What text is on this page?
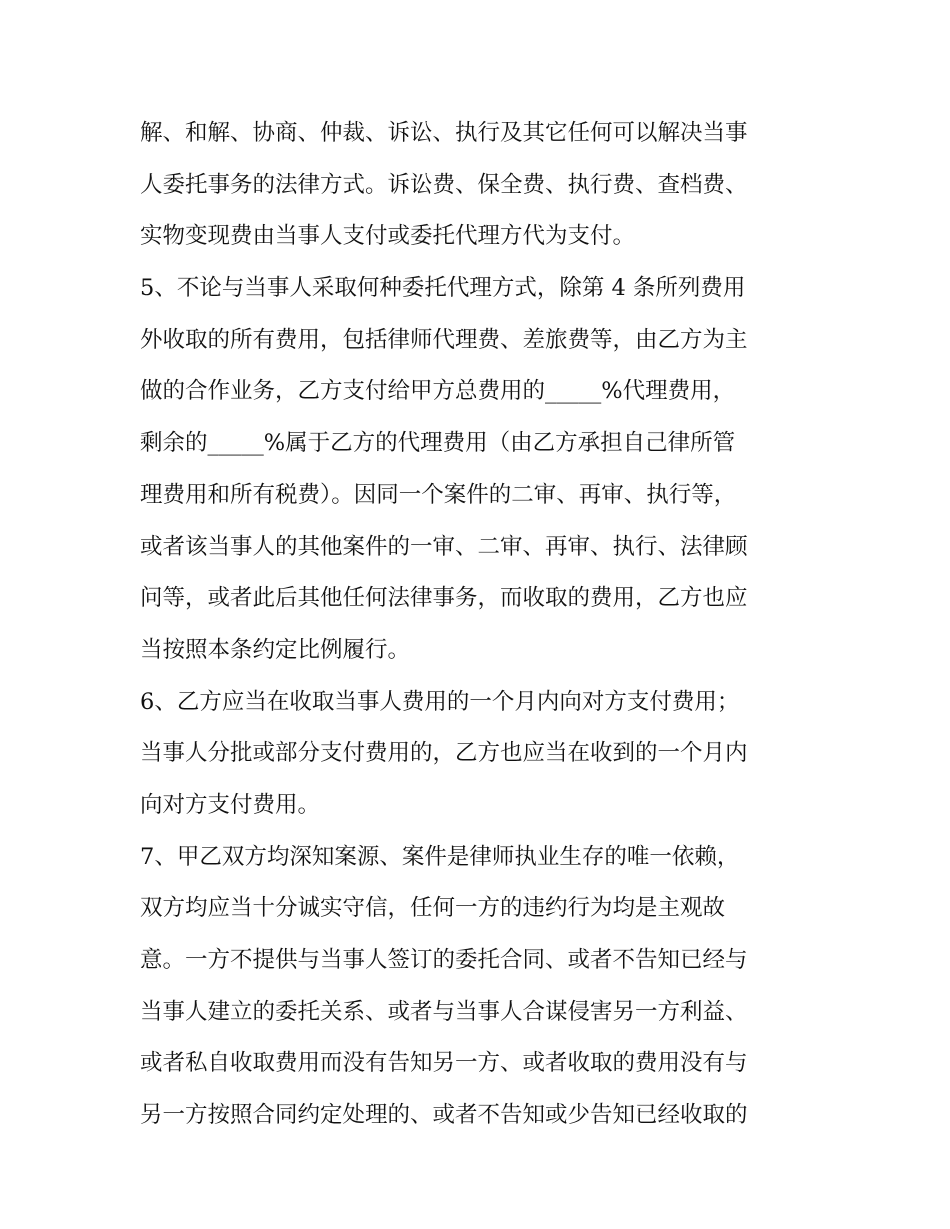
解、和解、协商、仲裁、诉讼、执行及其它任何可以解决当事
人委托事务的法律方式。诉讼费、保全费、执行费、查档费、
实物变现费由当事人支付或委托代理方代为支付。
5、不论与当事人采取何种委托代理方式，除第 4 条所列费用
外收取的所有费用，包括律师代理费、差旅费等，由乙方为主
做的合作业务，乙方支付给甲方总费用的_____%代理费用，
剩余的_____%属于乙方的代理费用（由乙方承担自己律所管
理费用和所有税费）。因同一个案件的二审、再审、执行等，
或者该当事人的其他案件的一审、二审、再审、执行、法律顾
问等，或者此后其他任何法律事务，而收取的费用，乙方也应
当按照本条约定比例履行。
6、乙方应当在收取当事人费用的一个月内向对方支付费用；
当事人分批或部分支付费用的，乙方也应当在收到的一个月内
向对方支付费用。
7、甲乙双方均深知案源、案件是律师执业生存的唯一依赖，
双方均应当十分诚实守信，任何一方的违约行为均是主观故
意。一方不提供与当事人签订的委托合同、或者不告知已经与
当事人建立的委托关系、或者与当事人合谋侵害另一方利益、
或者私自收取费用而没有告知另一方、或者收取的费用没有与
另一方按照合同约定处理的、或者不告知或少告知已经收取的
